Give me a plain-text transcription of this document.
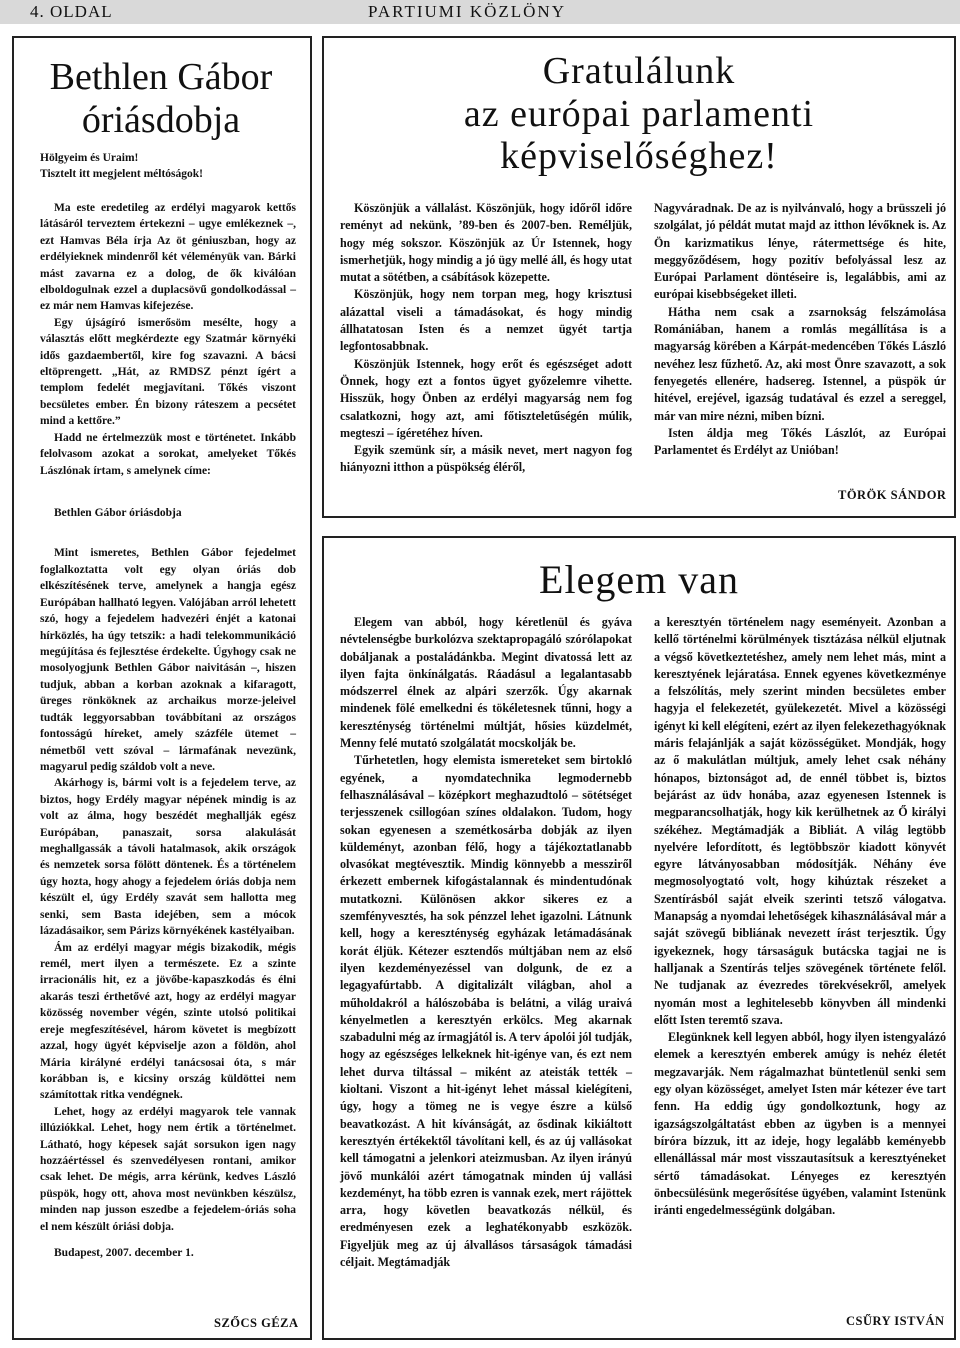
4. OLDAL	PARTIUMI KÖZLÖNY
Bethlen Gábor
óriásdobja

Hölgyeim és Uraim!

Tisztelt itt megjelent méltóságok!

Ma este eredetileg az erdélyi magyarok kettős látásáról terveztem értekezni – ugye emlékeznek –, ezt Hamvas Béla írja Az öt géniuszban, hogy az erdélyieknek mindenről két véleményük van. Bárki mást zavarna ez a dolog, de ők kiválóan elboldogulnak ezzel a duplacsövű gondolkodással – ez már nem Hamvas kifejezése.

Egy újságíró ismerősöm mesélte, hogy a választás előtt megkérdezte egy Szatmár környéki idős gazdaembertől, kire fog szavazni. A bácsi eltöprengett. „Hát, az RMDSZ pénzt ígért a templom fedelét megjavítani. Tőkés viszont becsületes ember. Én bizony ráteszem a pecsétet mind a kettőre.”

Hadd ne értelmezzük most e történetet. Inkább felolvasom azokat a sorokat, amelyeket Tőkés Lászlónak írtam, s amelynek címe:

Bethlen Gábor óriásdobja

Mint ismeretes, Bethlen Gábor fejedelmet foglalkoztatta volt egy olyan óriás dob elkészítésének terve, amelynek a hangja egész Európában hallható legyen. Valójában arról lehetett szó, hogy a fejedelem hadvezéri énjét a katonai hírközlés, ha úgy tetszik: a hadi telekommunikáció megújítása és fejlesztése érdekelte. Úgyhogy csak ne mosolyogjunk Bethlen Gábor naivitásán –, hiszen tudjuk, abban a korban azoknak a kifaragott, üreges rönköknek az archaikus morze-jeleivel tudták leggyorsabban továbbítani az országos fontosságú híreket, amely százféle ütemet – németből vett szóval – lármafának nevezünk, magyarul pedig száldob volt a neve.

Akárhogy is, bármi volt is a fejedelem terve, az biztos, hogy Erdély magyar népének mindig is az volt az álma, hogy beszédét meghallják egész Európában, panaszait, sorsa alakulását meghallgassák a távoli hatalmasok, akik országok és nemzetek sorsa fölött döntenek. És a történelem úgy hozta, hogy ahogy a fejedelem óriás dobja nem készült el, úgy Erdély szavát sem hallotta meg senki, sem Basta idejében, sem a mócok lázadásaikor, sem Párizs környékének kastélyaiban.

Ám az erdélyi magyar mégis bizakodik, mégis remél, mert ilyen a természete. Ez a szinte irracionális hit, ez a jövőbe-kapaszkodás és élni akarás teszi érthetővé azt, hogy az erdélyi magyar közösség november végén, szinte utolsó politikai ereje megfeszítésével, három követet is megbízott azzal, hogy ügyét képviselje azon a földön, ahol Mária királyné erdélyi tanácsosai óta, s már korábban is, e kicsiny ország küldöttei nem számítottak ritka vendégnek.

Lehet, hogy az erdélyi magyarok tele vannak illúziókkal. Lehet, hogy nem értik a történelmet. Látható, hogy képesek saját sorsukon igen nagy hozzáértéssel és szenvedélyesen rontani, amikor csak lehet. De mégis, arra kérünk, kedves László püspök, hogy ott, ahova most nevünkben készülsz, minden nap jusson eszedbe a fejedelem-óriás soha el nem készült óriási dobja.

Budapest, 2007. december 1.

SZŐCS GÉZA
Gratulálunk
az európai parlamenti
képviselőséghez!

Köszönjük a vállalást. Köszönjük, hogy időről időre reményt ad nekünk, ’89-ben és 2007-ben. Reméljük, hogy még sokszor. Köszönjük az Úr Istennek, hogy ismerhetjük, hogy mindig a jó ügy mellé áll, és hogy utat mutat a sötétben, a csábítások közepette.

Köszönjük, hogy nem torpan meg, hogy krisztusi alázattal viseli a támadásokat, és hogy mindig állhatatosan Isten és a nemzet ügyét tartja legfontosabbnak.

Köszönjük Istennek, hogy erőt és egészséget adott Önnek, hogy ezt a fontos ügyet győzelemre vihette. Hisszük, hogy Önben az erdélyi magyarság nem fog csalatkozni, hogy azt, ami főtiszteletűségén múlik, megteszi – ígéretéhez híven.

Egyik szemünk sír, a másik nevet, mert nagyon fog hiányozni itthon a püspökség éléről,

Nagyváradnak. De az is nyilvánvaló, hogy a brüsszeli jó szolgálat, jó példát mutat majd az itthon lévőknek is. Az Ön karizmatikus lénye, rátermettsége és hite, meggyőződésem, hogy pozitív befolyással lesz az Európai Parlament döntéseire is, legalábbis, ami az európai kisebbségeket illeti.

Hátha nem csak a zsarnokság felszámolása Romániában, hanem a romlás megállítása is a magyarság körében a Kárpát-medencében Tőkés László nevéhez lesz fűzhető. Az, aki most Önre szavazott, a sok fenyegetés ellenére, hadsereg. Istennel, a püspök úr hitével, erejével, igazság tudatával és ezzel a sereggel, már van mire nézni, miben bízni.

Isten áldja meg Tőkés Lászlót, az Európai Parlamentet és Erdélyt az Unióban!

TÖRÖK SÁNDOR
Elegem van

Elegem van abból, hogy kéretlenül és gyáva névtelenségbe burkolózva szektapropagáló szórólapokat dobáljanak a postaládánkba. Megint divatossá lett az ilyen fajta önkínálgatás. Ráadásul a legalantasabb módszerrel élnek az alpári szerzők. Úgy akarnak mindenek fölé emelkedni és tökéletesnek tűnni, hogy a kereszténység történelmi múltját, hősies küzdelmét, Menny felé mutató szolgálatát mocskolják be.

Tűrhetetlen, hogy elemista ismereteket sem birtokló egyének, a nyomdatechnika legmodernebb felhasználásával – középkort meghazudtoló – sötétséget terjesszenek csillogóan színes oldalakon. Tudom, hogy sokan egyenesen a szemétkosárba dobják az ilyen küldeményt, azonban félő, hogy a tájékoztatlanabb olvasókat megtévesztik. Mindig könnyebb a messziről érkezett embernek kifogástalannak és mindentudónak mutatkozni. Különösen akkor sikeres ez a szemfényvesztés, ha sok pénzzel lehet igazolni. Látnunk kell, hogy a kereszténység egyházak letámadásának korát éljük. Kétezer esztendős múltjában nem az első ilyen kezdeményezéssel van dolgunk, de ez a legagyafúrtabb. A digitalizált világban, ahol a műholdakról a hálószobába is belátni, a világ uraivá kényelmetlen a keresztyén erkölcs. Meg akarnak szabadulni még az írmagjától is. A terv ápolói jól tudják, hogy az egészséges lelkeknek hit-igénye van, és ezt nem lehet durva tiltással – miként az ateisták tették – kioltani. Viszont a hit-igényt lehet mással kielégíteni, úgy, hogy a tömeg ne is vegye észre a külső beavatkozást. A hit kívánságát, az ősdinak kikiáltott keresztyén értékektől távolítani kell, és az új vallásokat kell támogatni a jelenkori ateizmusban. Az ilyen irányú jövő munkálói azért támogatnak minden új vallási kezdeményt, ha több ezren is vannak ezek, mert rájöttek arra, hogy követlen beavatkozás nélkül, és eredményesen ezek a leghatékonyabb eszközök. Figyeljük meg az új álvallásos társaságok támadási céljait. Megtámadják

a keresztyén történelem nagy eseményeit. Azonban a kellő történelmi körülmények tisztázása nélkül eljutnak a végső következtetéshez, amely nem lehet más, mint a keresztyének lejáratása. Ennek egyenes következménye a felszólítás, mely szerint minden becsületes ember hagyja el felekezetét, gyülekezetét. Mivel a közösségi igényt ki kell elégíteni, ezért az ilyen felekezethagyóknak máris felajánlják a saját közösségüket. Mondják, hogy az ő makulátlan múltjuk, amely lehet csak néhány hónapos, biztonságot ad, de ennél többet is, biztos bejárást az üdv honába, azaz egyenesen Istennek is megparancsolhatják, hogy kik kerülhetnek az Ő királyi székéhez. Megtámadják a Bibliát. A világ legtöbb nyelvére lefordított, és legtöbbször kiadott könyvét egyre látványosabban módosítják. Néhány éve megmosolyogtató volt, hogy kihúztak részeket a Szentírásból saját elveik szerinti tetsző válogatva. Manapság a nyomdai lehetőségek kihasználásával már a saját szövegű bibliának nevezett írást terjesztik. Úgy igyekeznek, hogy társaságuk butácska tagjai ne is halljanak a Szentírás teljes szövegének története felől. Ne tudjanak az évezredes törekvésekről, amelyek nyomán most a leghitelesebb könyvben áll mindenki előtt Isten teremtő szava.

Elegünknek kell legyen abból, hogy ilyen istengyalázó elemek a keresztyén emberek amúgy is nehéz életét megzavarják. Nem rágalmazhat büntetlenül senki sem egy olyan közösséget, amelyet Isten már kétezer éve tart fenn. Ha eddig úgy gondolkoztunk, hogy az igazságszolgáltatást ebben az ügyben is a mennyei bíróra bízzuk, itt az ideje, hogy legalább keményebb ellenállással már most visszautasítsuk a keresztyéneket sértő támadásokat. Lényeges ez keresztyén önbecsülésünk megerősítése ügyében, valamint Istenünk iránti engedelmességünk dolgában.

CSŰRY ISTVÁN
